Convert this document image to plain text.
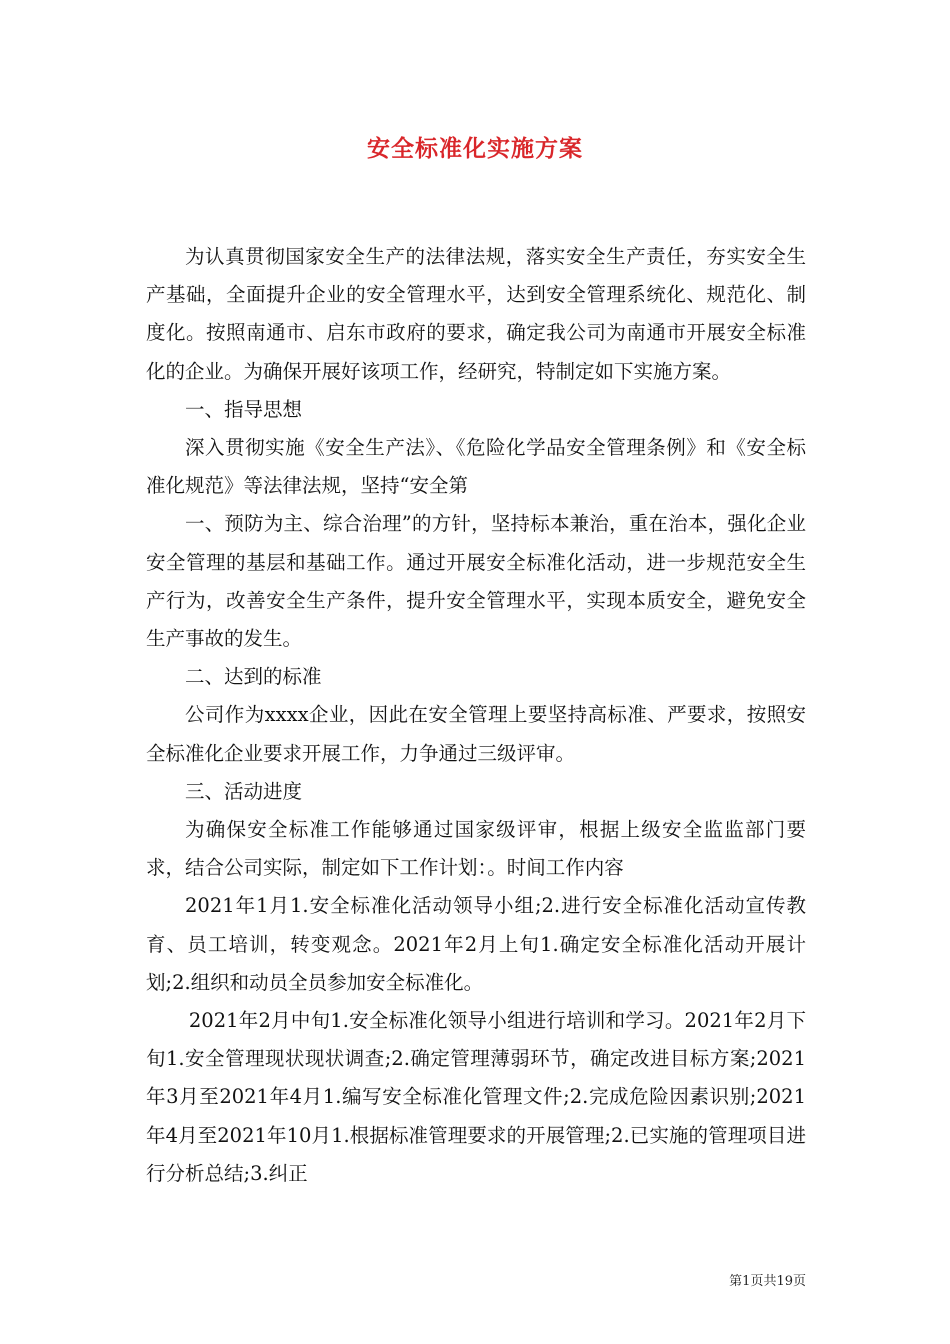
安全标准化实施方案

为认真贯彻国家安全生产的法律法规，落实安全生产责任，夯实安全生产基础，全面提升企业的安全管理水平，达到安全管理系统化、规范化、制度化。按照南通市、启东市政府的要求，确定我公司为南通市开展安全标准化的企业。为确保开展好该项工作，经研究，特制定如下实施方案。

一、指导思想

深入贯彻实施《安全生产法》、《危险化学品安全管理条例》和《安全标准化规范》等法律法规，坚持“安全第

一、预防为主、综合治理”的方针，坚持标本兼治，重在治本，强化企业安全管理的基层和基础工作。通过开展安全标准化活动，进一步规范安全生产行为，改善安全生产条件，提升安全管理水平，实现本质安全，避免安全生产事故的发生。

二、达到的标准

公司作为xxxx企业，因此在安全管理上要坚持高标准、严要求，按照安全标准化企业要求开展工作，力争通过三级评审。

三、活动进度

为确保安全标准工作能够通过国家级评审，根据上级安全监监部门要求，结合公司实际，制定如下工作计划：。时间工作内容

2021年1月1.安全标准化活动领导小组;2.进行安全标准化活动宣传教育、员工培训，转变观念。2021年2月上旬1.确定安全标准化活动开展计划;2.组织和动员全员参加安全标准化。

2021年2月中旬1.安全标准化领导小组进行培训和学习。2021年2月下旬1.安全管理现状现状调查;2.确定管理薄弱环节，确定改进目标方案;2021年3月至2021年4月1.编写安全标准化管理文件;2.完成危险因素识别;2021年4月至2021年10月1.根据标准管理要求的开展管理;2.已实施的管理项目进行分析总结;3.纠正

第1页共19页
